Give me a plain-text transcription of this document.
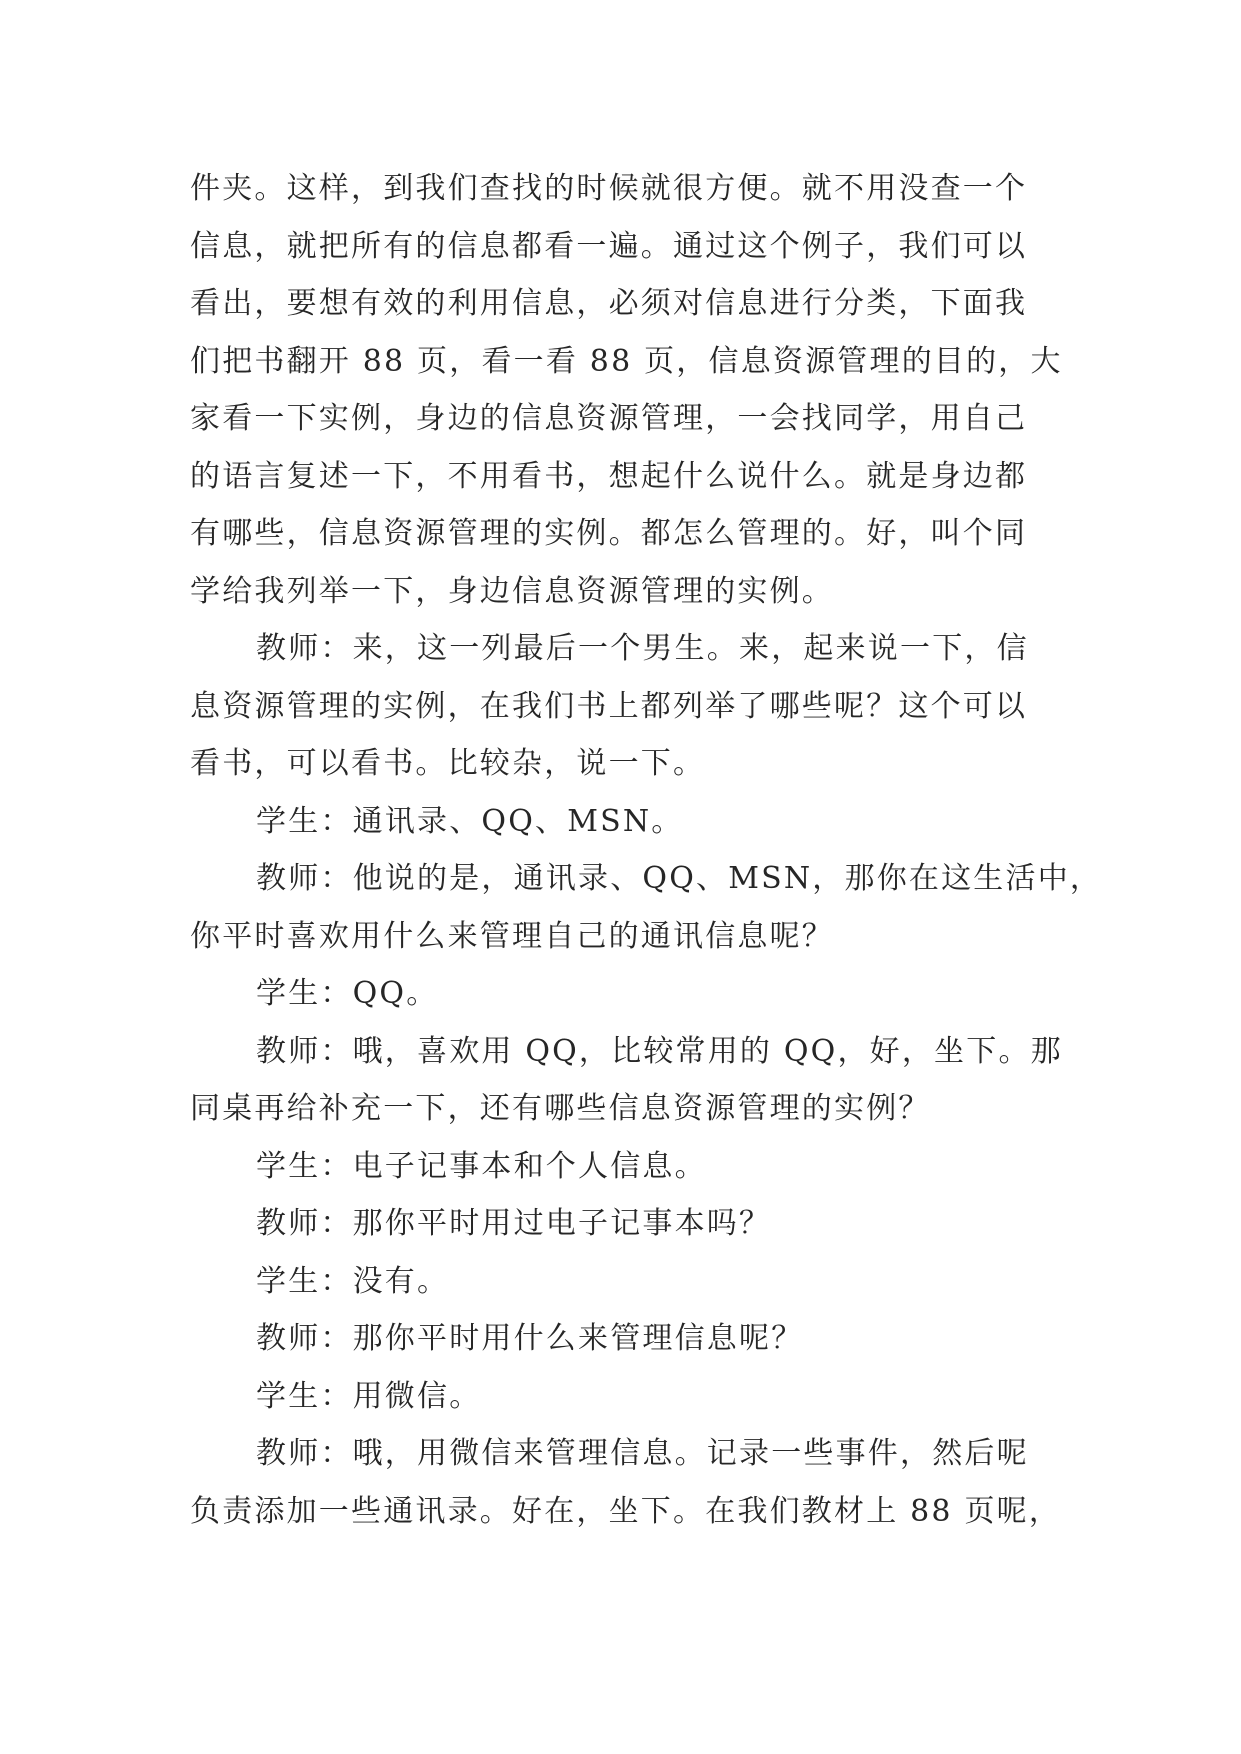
件夹。这样，到我们查找的时候就很方便。就不用没查一个

信息，就把所有的信息都看一遍。通过这个例子，我们可以

看出，要想有效的利用信息，必须对信息进行分类，下面我

们把书翻开 88 页，看一看 88 页，信息资源管理的目的，大

家看一下实例，身边的信息资源管理，一会找同学，用自己

的语言复述一下，不用看书，想起什么说什么。就是身边都

有哪些，信息资源管理的实例。都怎么管理的。好，叫个同

学给我列举一下，身边信息资源管理的实例。

教师：来，这一列最后一个男生。来，起来说一下，信

息资源管理的实例，在我们书上都列举了哪些呢？这个可以

看书，可以看书。比较杂，说一下。

学生：通讯录、QQ、MSN。

教师：他说的是，通讯录、QQ、MSN，那你在这生活中，

你平时喜欢用什么来管理自己的通讯信息呢？

学生：QQ。

教师：哦，喜欢用 QQ，比较常用的 QQ，好，坐下。那

同桌再给补充一下，还有哪些信息资源管理的实例？

学生：电子记事本和个人信息。

教师：那你平时用过电子记事本吗？

学生：没有。

教师：那你平时用什么来管理信息呢？

学生：用微信。

教师：哦，用微信来管理信息。记录一些事件，然后呢

负责添加一些通讯录。好在，坐下。在我们教材上 88 页呢，
